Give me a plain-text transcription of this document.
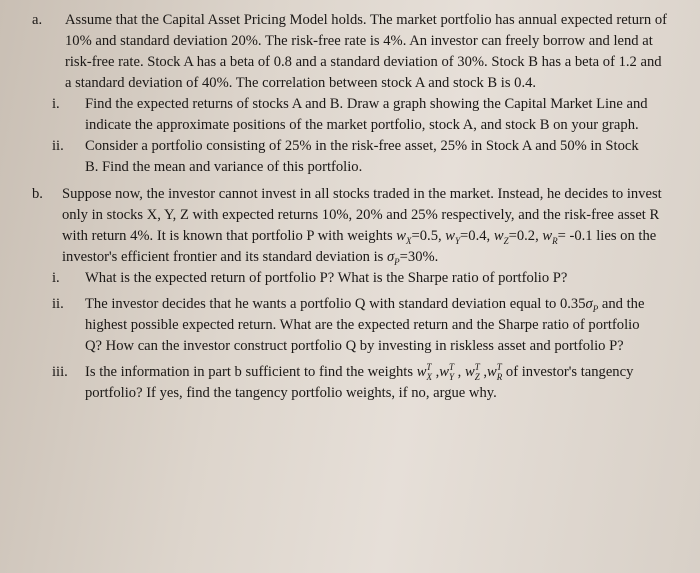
a.	Assume that the Capital Asset Pricing Model holds. The market portfolio has annual expected return of 10% and standard deviation 20%. The risk-free rate is 4%. An investor can freely borrow and lend at risk-free rate. Stock A has a beta of 0.8 and a standard deviation of 30%. Stock B has a beta of 1.2 and a standard deviation of 40%. The correlation between stock A and stock B is 0.4.
i.	Find the expected returns of stocks A and B. Draw a graph showing the Capital Market Line and indicate the approximate positions of the market portfolio, stock A, and stock B on your graph.
ii.	Consider a portfolio consisting of 25% in the risk-free asset, 25% in Stock A and 50% in Stock B. Find the mean and variance of this portfolio.
b.	Suppose now, the investor cannot invest in all stocks traded in the market. Instead, he decides to invest only in stocks X, Y, Z with expected returns 10%, 20% and 25% respectively, and the risk-free asset R with return 4%. It is known that portfolio P with weights $w_X=0.5$, $w_Y=0.4$, $w_Z=0.2$, $w_R= -0.1$ lies on the investor's efficient frontier and its standard deviation is $\sigma_P=30\%$.
i.	What is the expected return of portfolio P? What is the Sharpe ratio of portfolio P?
ii.	The investor decides that he wants a portfolio Q with standard deviation equal to $0.35\sigma_P$ and the highest possible expected return. What are the expected return and the Sharpe ratio of portfolio Q? How can the investor construct portfolio Q by investing in riskless asset and portfolio P?
iii.	Is the information in part b sufficient to find the weights $w^T_X$ $,w^T_Y$ , $w^T_Z$ $,w^T_R$ of investor's tangency portfolio? If yes, find the tangency portfolio weights, if no, argue why.
